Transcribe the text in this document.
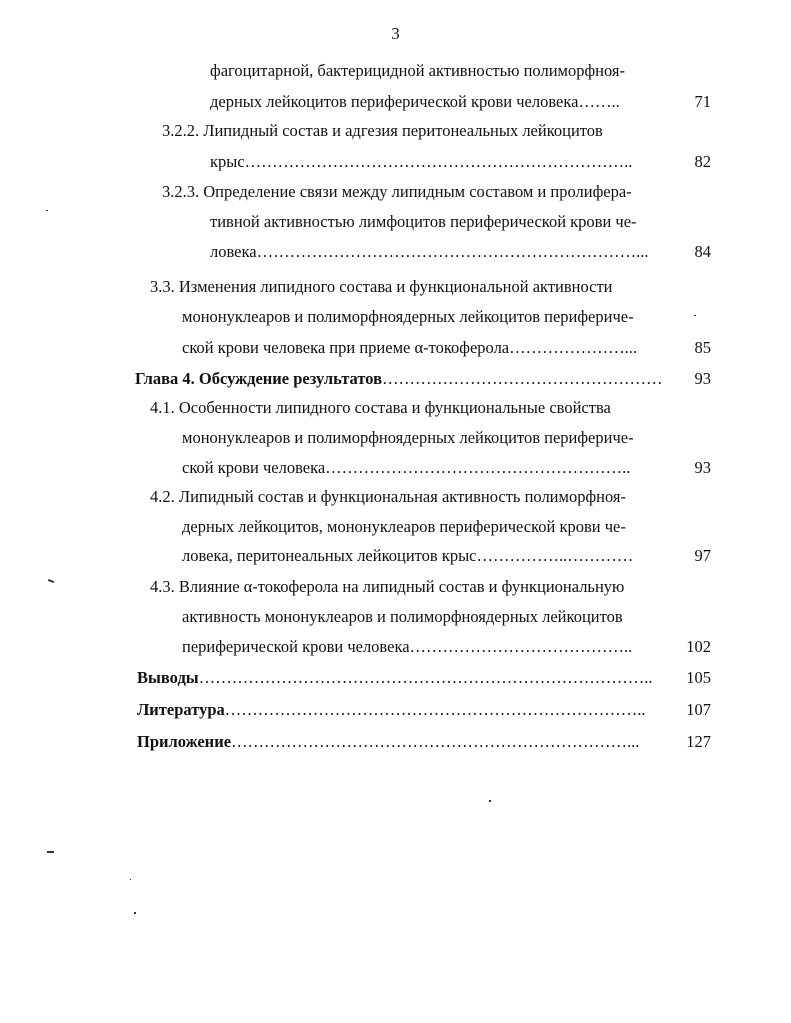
3
фагоцитарной, бактерицидной активностью полиморфноя-
дерных лейкоцитов периферической крови человека……..	71
3.2.2. Липидный состав и адгезия перитонеальных лейкоцитов
крыс……………………………………………………………..	82
3.2.3. Определение связи между липидным составом и пролифера-
тивной активностью лимфоцитов периферической крови че-
ловека……………………………………………………………...	84
3.3. Изменения липидного состава и функциональной активности
мононуклеаров и полиморфноядерных лейкоцитов перифериче-
ской крови человека при приеме α-токоферола…………………...	85
Глава 4. Обсуждение результатов…………………………………………… 93
4.1. Особенности липидного состава и функциональные свойства
мононуклеаров и полиморфноядерных лейкоцитов перифериче-
ской крови человека………………………………………………..	93
4.2. Липидный состав и функциональная активность полиморфноя-
дерных лейкоцитов, мононуклеаров периферической крови че-
ловека, перитонеальных лейкоцитов крыс……………..…………	97
4.3. Влияние α-токоферола на липидный состав и функциональную
активность мононуклеаров и полиморфноядерных лейкоцитов
периферической крови человека…………………………………..	102
Выводы……………………………………………………………………….. 105
Литература………………………………………………………………….. 107
Приложение………………………………………………………………...	127
